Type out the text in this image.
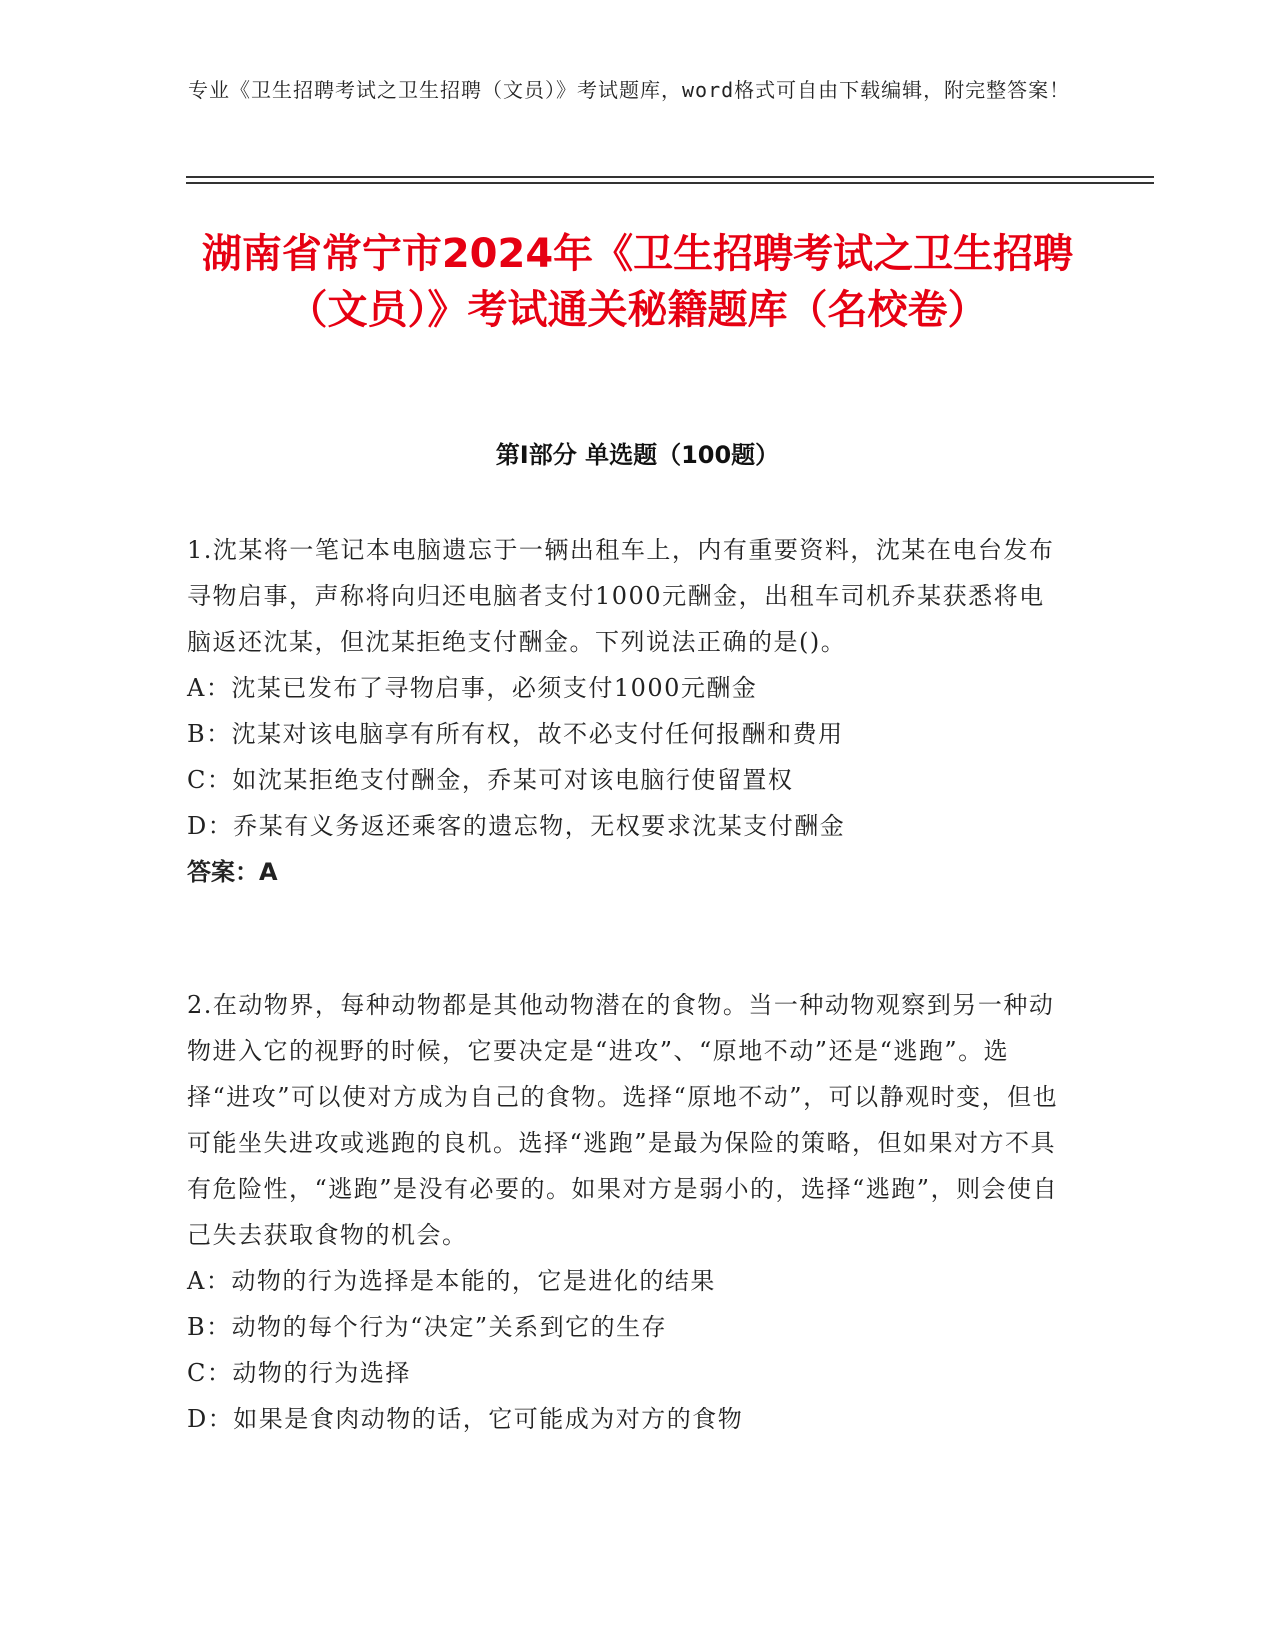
专业《卫生招聘考试之卫生招聘（文员）》考试题库，word格式可自由下载编辑，附完整答案！
湖南省常宁市2024年《卫生招聘考试之卫生招聘（文员）》考试通关秘籍题库（名校卷）
第I部分 单选题（100题）

1.沈某将一笔记本电脑遗忘于一辆出租车上，内有重要资料，沈某在电台发布寻物启事，声称将向归还电脑者支付1000元酬金，出租车司机乔某获悉将电脑返还沈某，但沈某拒绝支付酬金。下列说法正确的是()。

A：沈某已发布了寻物启事，必须支付1000元酬金

B：沈某对该电脑享有所有权，故不必支付任何报酬和费用

C：如沈某拒绝支付酬金，乔某可对该电脑行使留置权

D：乔某有义务返还乘客的遗忘物，无权要求沈某支付酬金

答案：A

2.在动物界，每种动物都是其他动物潜在的食物。当一种动物观察到另一种动物进入它的视野的时候，它要决定是“进攻”、“原地不动”还是“逃跑”。选择“进攻”可以使对方成为自己的食物。选择“原地不动”，可以静观时变，但也可能坐失进攻或逃跑的良机。选择“逃跑”是最为保险的策略，但如果对方不具有危险性，“逃跑”是没有必要的。如果对方是弱小的，选择“逃跑”，则会使自己失去获取食物的机会。

A：动物的行为选择是本能的，它是进化的结果

B：动物的每个行为“决定”关系到它的生存

C：动物的行为选择

D：如果是食肉动物的话，它可能成为对方的食物
